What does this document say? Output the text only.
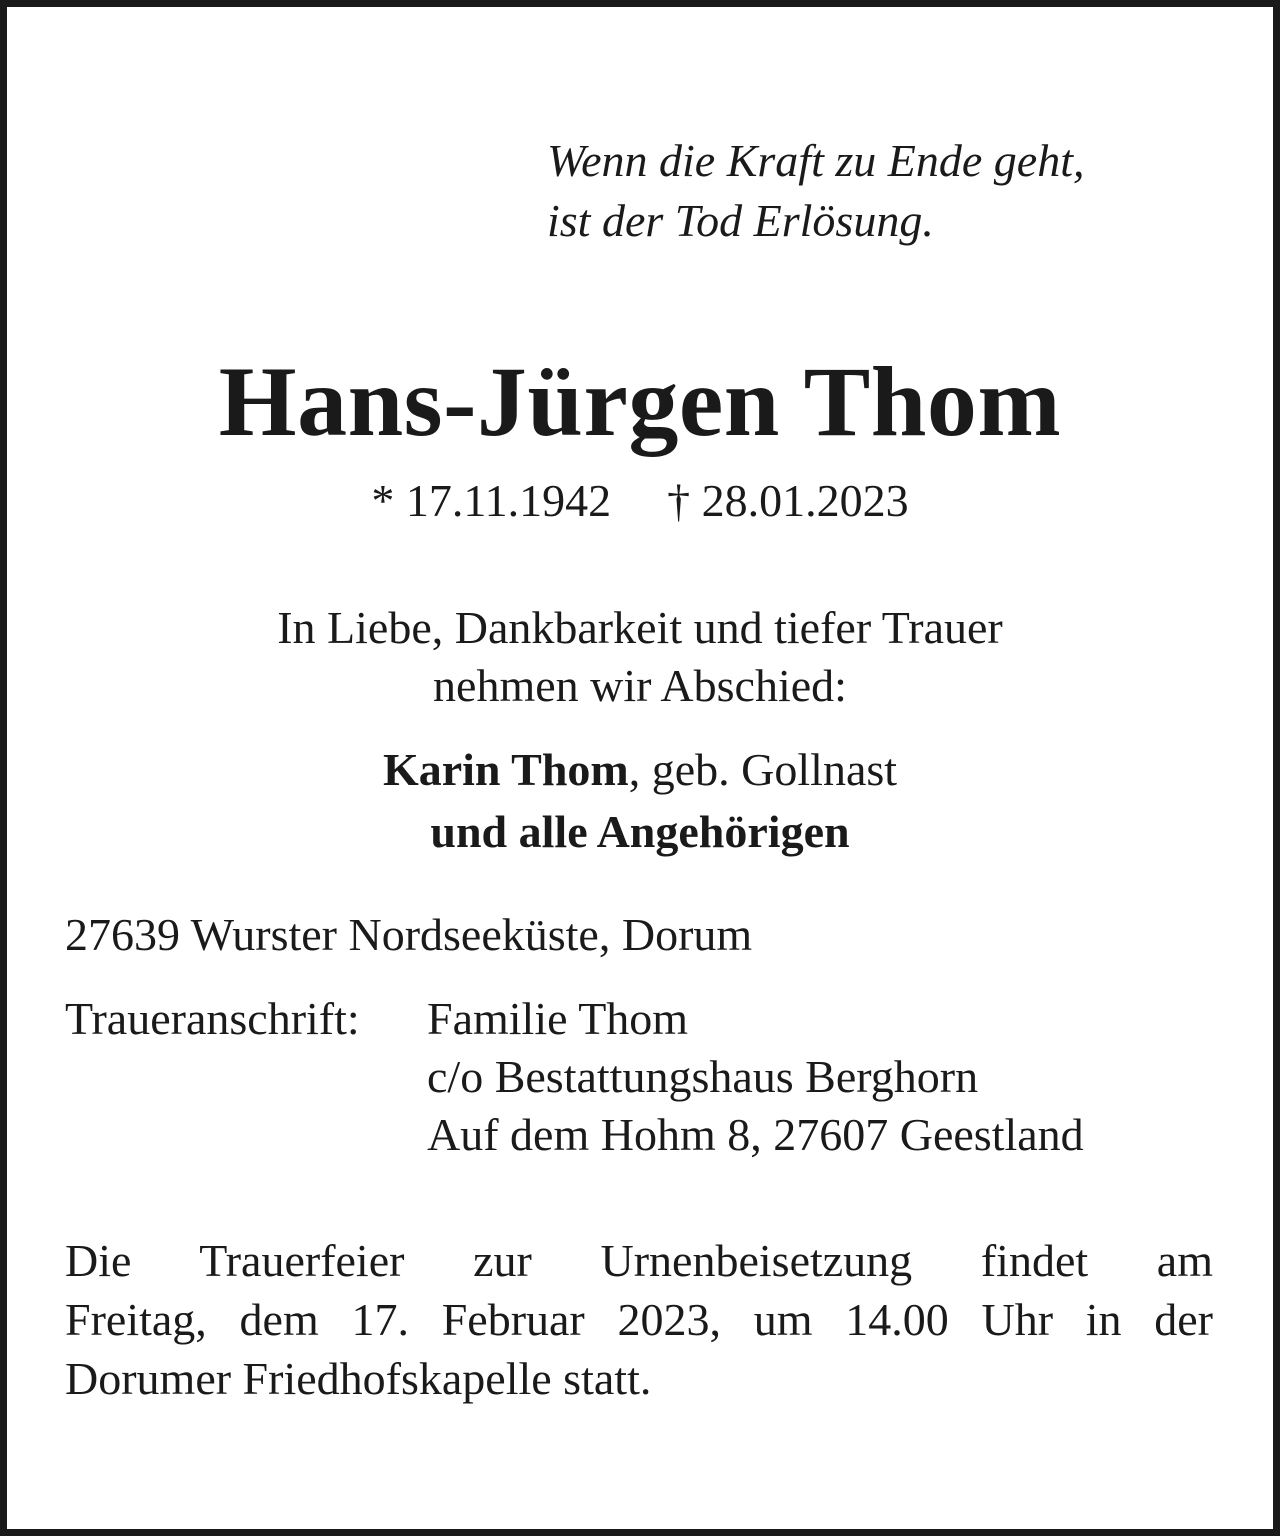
Wenn die Kraft zu Ende geht,
ist der Tod Erlösung.
Hans-Jürgen Thom
* 17.11.1942 † 28.01.2023
In Liebe, Dankbarkeit und tiefer Trauer
nehmen wir Abschied:
Karin Thom, geb. Gollnast
und alle Angehörigen
27639 Wurster Nordseeküste, Dorum
Traueranschrift: Familie Thom
c/o Bestattungshaus Berghorn
Auf dem Hohm 8, 27607 Geestland
Die Trauerfeier zur Urnenbeisetzung findet am
Freitag, dem 17. Februar 2023, um 14.00 Uhr in der
Dorumer Friedhofskapelle statt.
